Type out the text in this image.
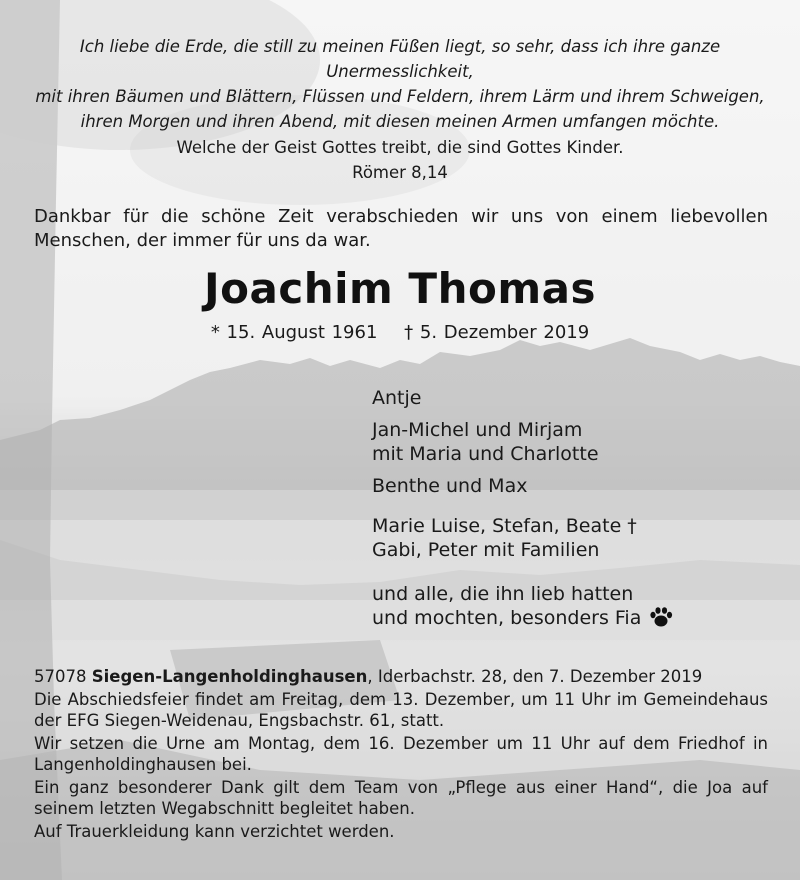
Ich liebe die Erde, die still zu meinen Füßen liegt, so sehr, dass ich ihre ganze Unermesslichkeit,
mit ihren Bäumen und Blättern, Flüssen und Feldern, ihrem Lärm und ihrem Schweigen,
ihren Morgen und ihren Abend, mit diesen meinen Armen umfangen möchte.
Welche der Geist Gottes treibt, die sind Gottes Kinder.
Römer 8,14
Dankbar für die schöne Zeit verabschieden wir uns von einem liebevollen Menschen, der immer für uns da war.
Joachim Thomas
* 15. August 1961 † 5. Dezember 2019
Antje
Jan-Michel und Mirjam
mit Maria und Charlotte
Benthe und Max
Marie Luise, Stefan, Beate †
Gabi, Peter mit Familien
und alle, die ihn lieb hatten
und mochten, besonders Fia

57078 Siegen-Langenholdinghausen, Iderbachstr. 28, den 7. Dezember 2019

Die Abschiedsfeier findet am Freitag, dem 13. Dezember, um 11 Uhr im Gemeindehaus der EFG Siegen-Weidenau, Engsbachstr. 61, statt.

Wir setzen die Urne am Montag, dem 16. Dezember um 11 Uhr auf dem Friedhof in Langenholdinghausen bei.

Ein ganz besonderer Dank gilt dem Team von „Pflege aus einer Hand“, die Joa auf seinem letzten Wegabschnitt begleitet haben.

Auf Trauerkleidung kann verzichtet werden.
